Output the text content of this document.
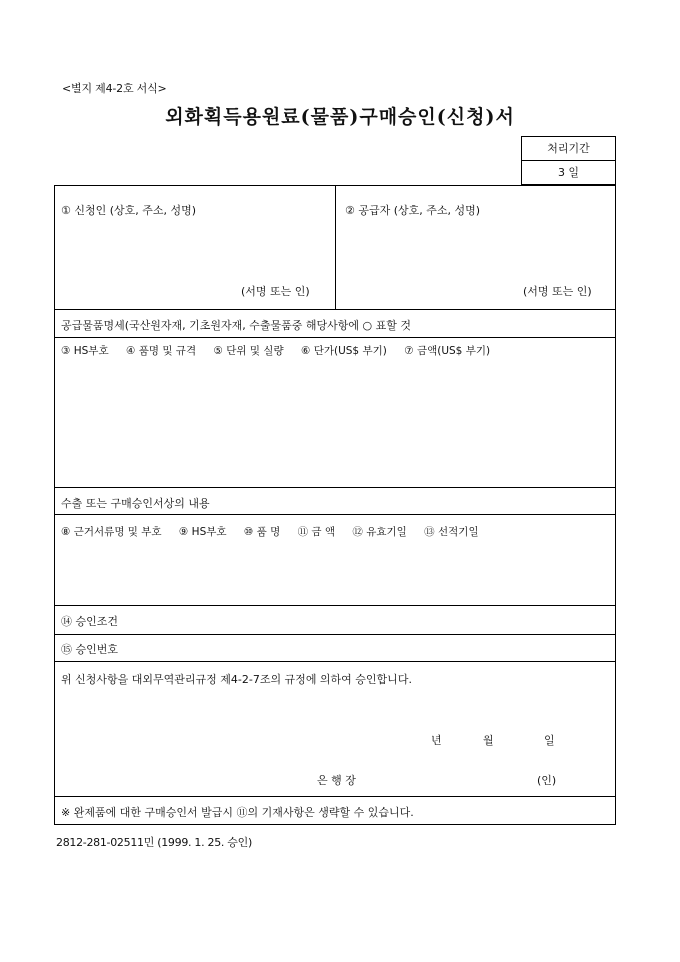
<별지 제4-2호 서식>
외화획득용원료(물품)구매승인(신청)서
처리기간
3 일
① 신청인 (상호, 주소, 성명)
(서명 또는 인)
② 공급자 (상호, 주소, 성명)
(서명 또는 인)
공급물품명세(국산원자재, 기초원자재, 수출물품중 해당사항에 ○ 표할 것
③ HS부호 ④ 품명 및 규격 ⑤ 단위 및 실량 ⑥ 단가(US$ 부기) ⑦ 금액(US$ 부기)
수출 또는 구매승인서상의 내용
⑧ 근거서류명 및 부호 ⑨ HS부호 ⑩ 품 명 ⑪ 금 액 ⑫ 유효기일 ⑬ 선적기일
⑭ 승인조건
⑮ 승인번호
위 신청사항을 대외무역관리규정 제4-2-7조의 규정에 의하여 승인합니다.
년	월	일
은 행 장	(인)
※ 완제품에 대한 구매승인서 발급시 ⑪의 기재사항은 생략할 수 있습니다.
2812-281-02511민 (1999. 1. 25. 승인)
